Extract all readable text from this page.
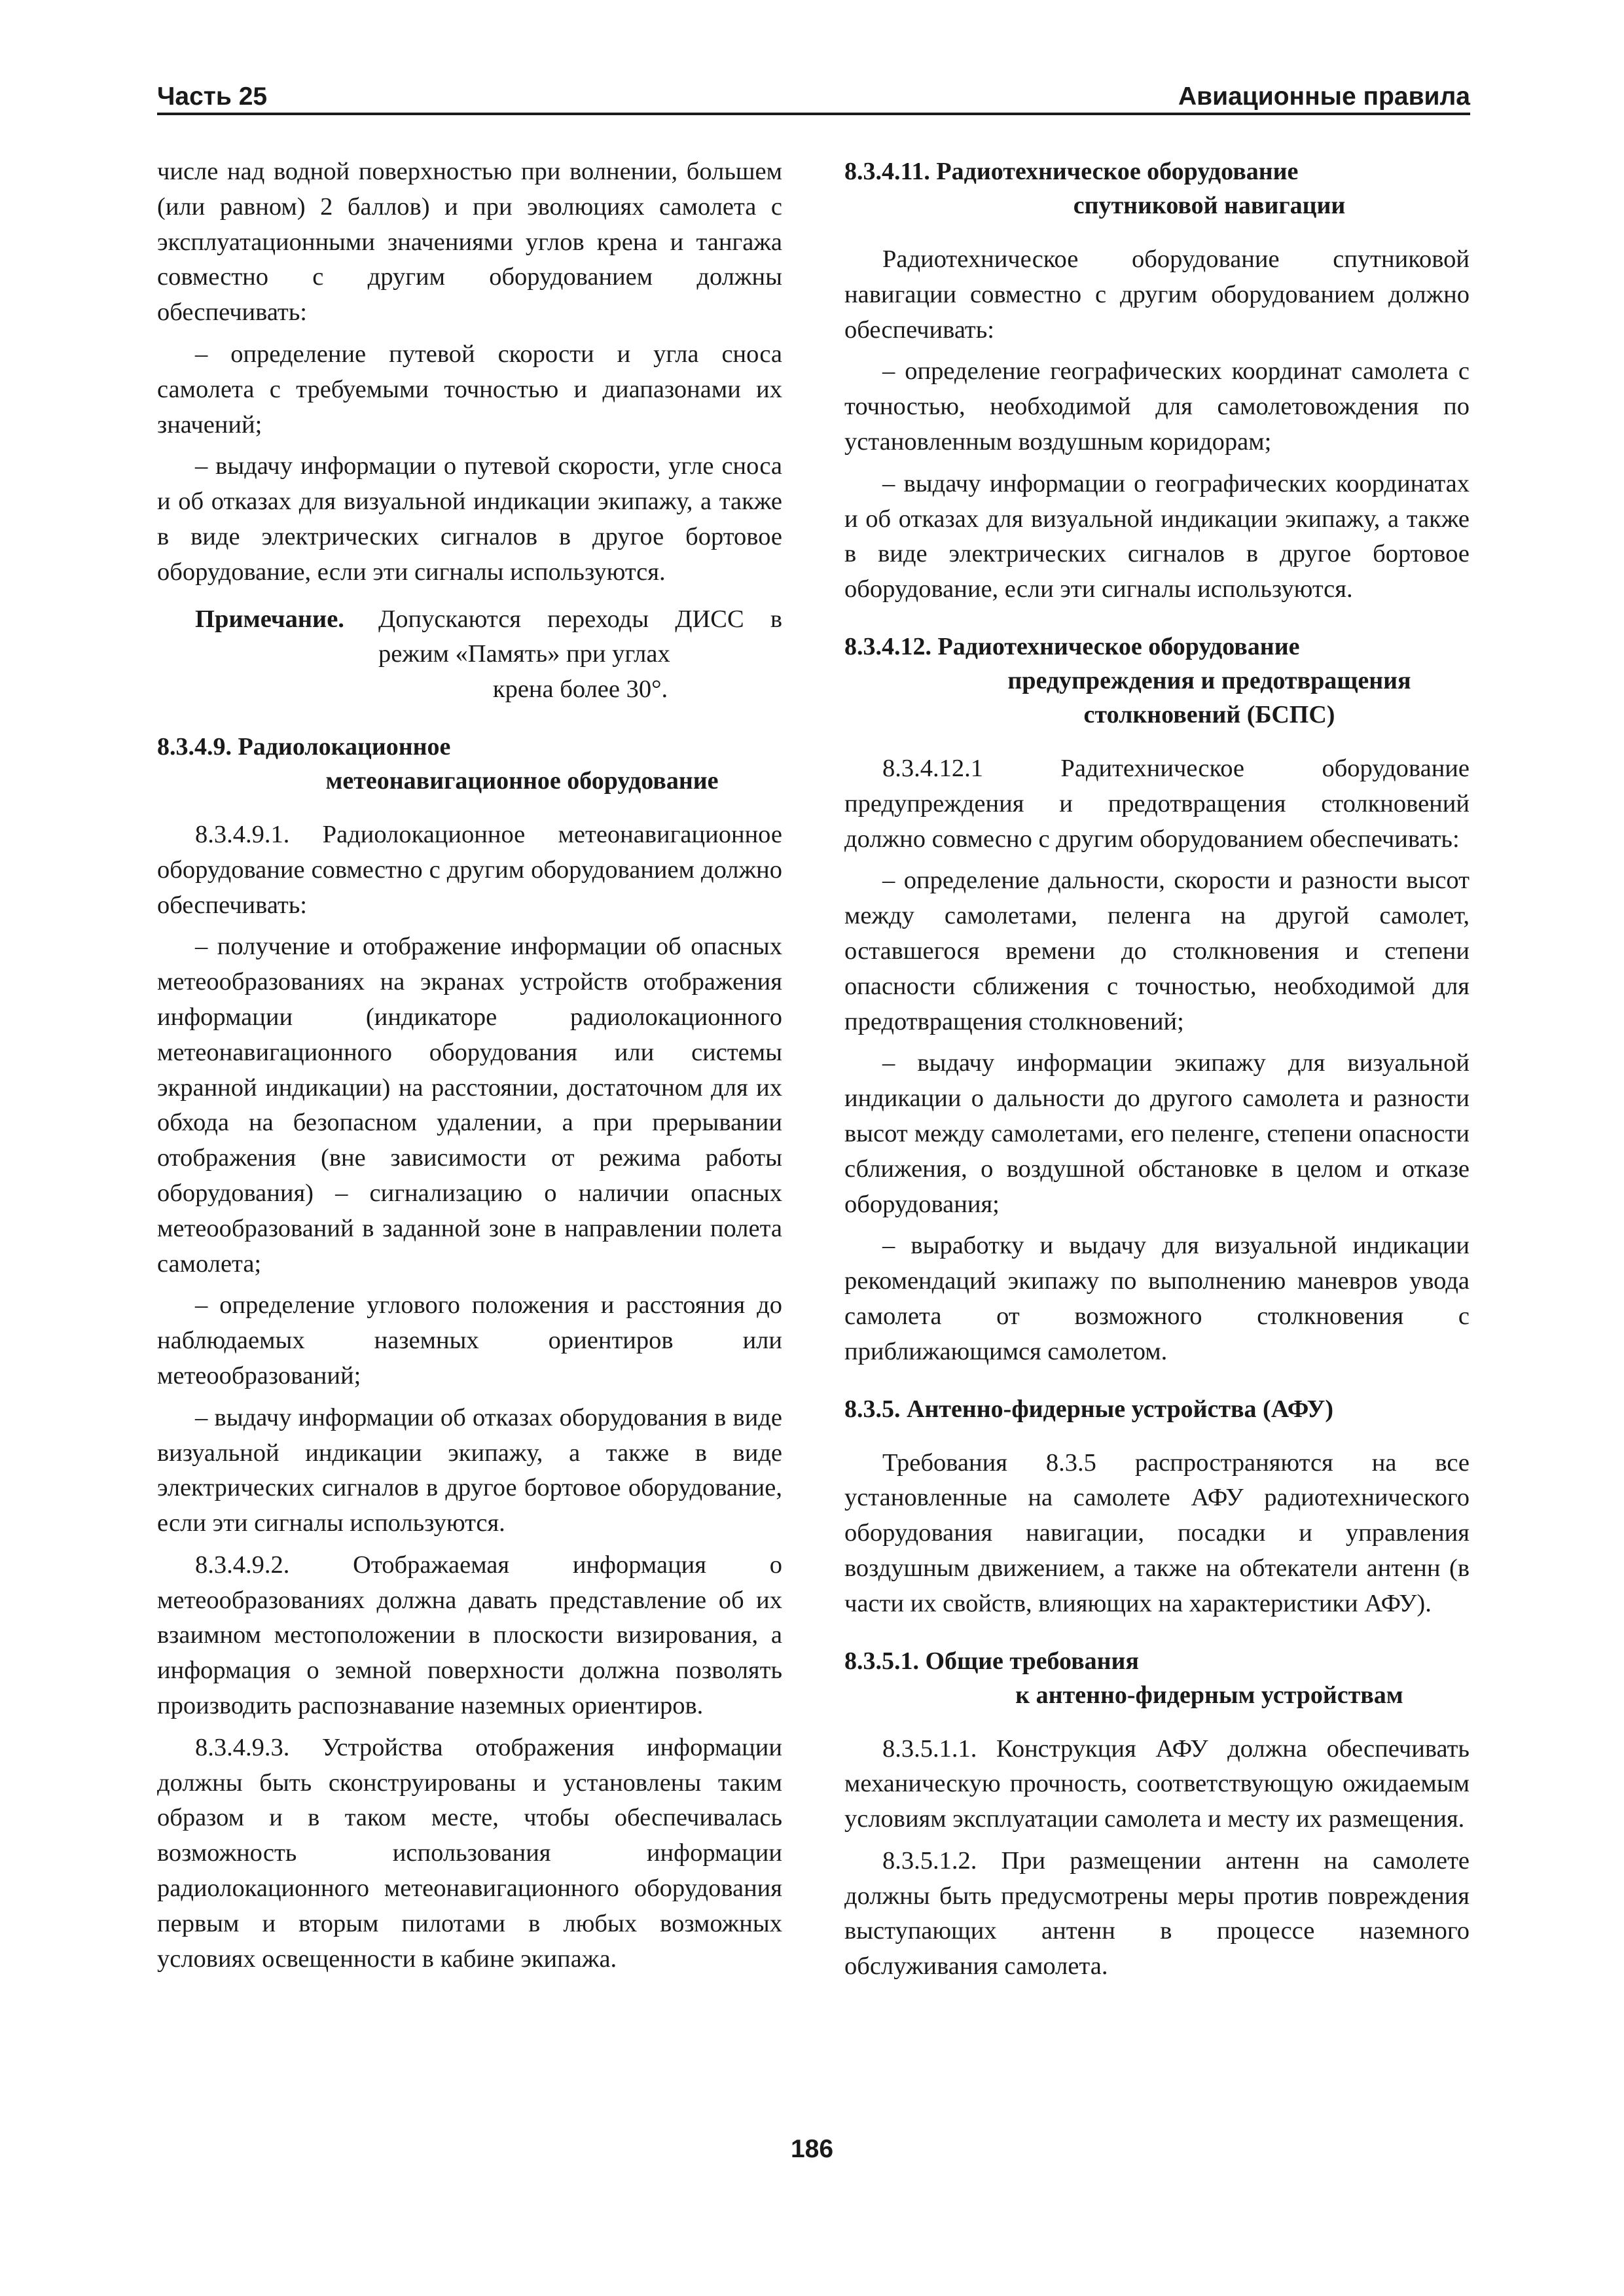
Часть 25	Авиационные правила

числе над водной поверхностью при волнении, большем (или равном) 2 баллов) и при эволюциях самолета с эксплуатационными значениями углов крена и тангажа совместно с другим оборудованием должны обеспечивать:

– определение путевой скорости и угла сноса самолета с требуемыми точностью и диапазонами их значений;

– выдачу информации о путевой скорости, угле сноса и об отказах для визуальной индикации экипажу, а также в виде электрических сигналов в другое бортовое оборудование, если эти сигналы используются.

Примечание. Допускаются переходы ДИСС в режим «Память» при углах

крена более 30°.

8.3.4.9. Радиолокационное
метеонавигационное оборудование

8.3.4.9.1. Радиолокационное метеонавигационное оборудование совместно с другим оборудованием должно обеспечивать:

– получение и отображение информации об опасных метеообразованиях на экранах устройств отображения информации (индикаторе радиолокационного метеонавигационного оборудования или системы экранной индикации) на расстоянии, достаточном для их обхода на безопасном удалении, а при прерывании отображения (вне зависимости от режима работы оборудования) – сигнализацию о наличии опасных метеообразований в заданной зоне в направлении полета самолета;

– определение углового положения и расстояния до наблюдаемых наземных ориентиров или метеообразований;

– выдачу информации об отказах оборудования в виде визуальной индикации экипажу, а также в виде электрических сигналов в другое бортовое оборудование, если эти сигналы используются.

8.3.4.9.2. Отображаемая информация о метеообразованиях должна давать представление об их взаимном местоположении в плоскости визирования, а информация о земной поверхности должна позволять производить распознавание наземных ориентиров.

8.3.4.9.3. Устройства отображения информации должны быть сконструированы и установлены таким образом и в таком месте, чтобы обеспечивалась возможность использования информации радиолокационного метеонавигационного оборудования первым и вторым пилотами в любых возможных условиях освещенности в кабине экипажа.

8.3.4.11. Радиотехническое оборудование
спутниковой навигации

Радиотехническое оборудование спутниковой навигации совместно с другим оборудованием должно обеспечивать:

– определение географических координат самолета с точностью, необходимой для самолетовождения по установленным воздушным коридорам;

– выдачу информации о географических координатах и об отказах для визуальной индикации экипажу, а также в виде электрических сигналов в другое бортовое оборудование, если эти сигналы используются.

8.3.4.12. Радиотехническое оборудование
предупреждения и предотвращения
столкновений (БСПС)

8.3.4.12.1 Радитехническое оборудование предупреждения и предотвращения столкновений должно совмесно с другим оборудованием обеспечивать:

– определение дальности, скорости и разности высот между самолетами, пеленга на другой самолет, оставшегося времени до столкновения и степени опасности сближения с точностью, необходимой для предотвращения столкновений;

– выдачу информации экипажу для визуальной индикации о дальности до другого самолета и разности высот между самолетами, его пеленге, степени опасности сближения, о воздушной обстановке в целом и отказе оборудования;

– выработку и выдачу для визуальной индикации рекомендаций экипажу по выполнению маневров увода самолета от возможного столкновения с приближающимся самолетом.

8.3.5. Антенно-фидерные устройства (АФУ)

Требования 8.3.5 распространяются на все установленные на самолете АФУ радиотехнического оборудования навигации, посадки и управления воздушным движением, а также на обтекатели антенн (в части их свойств, влияющих на характеристики АФУ).

8.3.5.1. Общие требования
к антенно-фидерным устройствам

8.3.5.1.1. Конструкция АФУ должна обеспечивать механическую прочность, соответствующую ожидаемым условиям эксплуатации самолета и месту их размещения.

8.3.5.1.2. При размещении антенн на самолете должны быть предусмотрены меры против повреждения выступающих антенн в процессе наземного обслуживания самолета.

186
